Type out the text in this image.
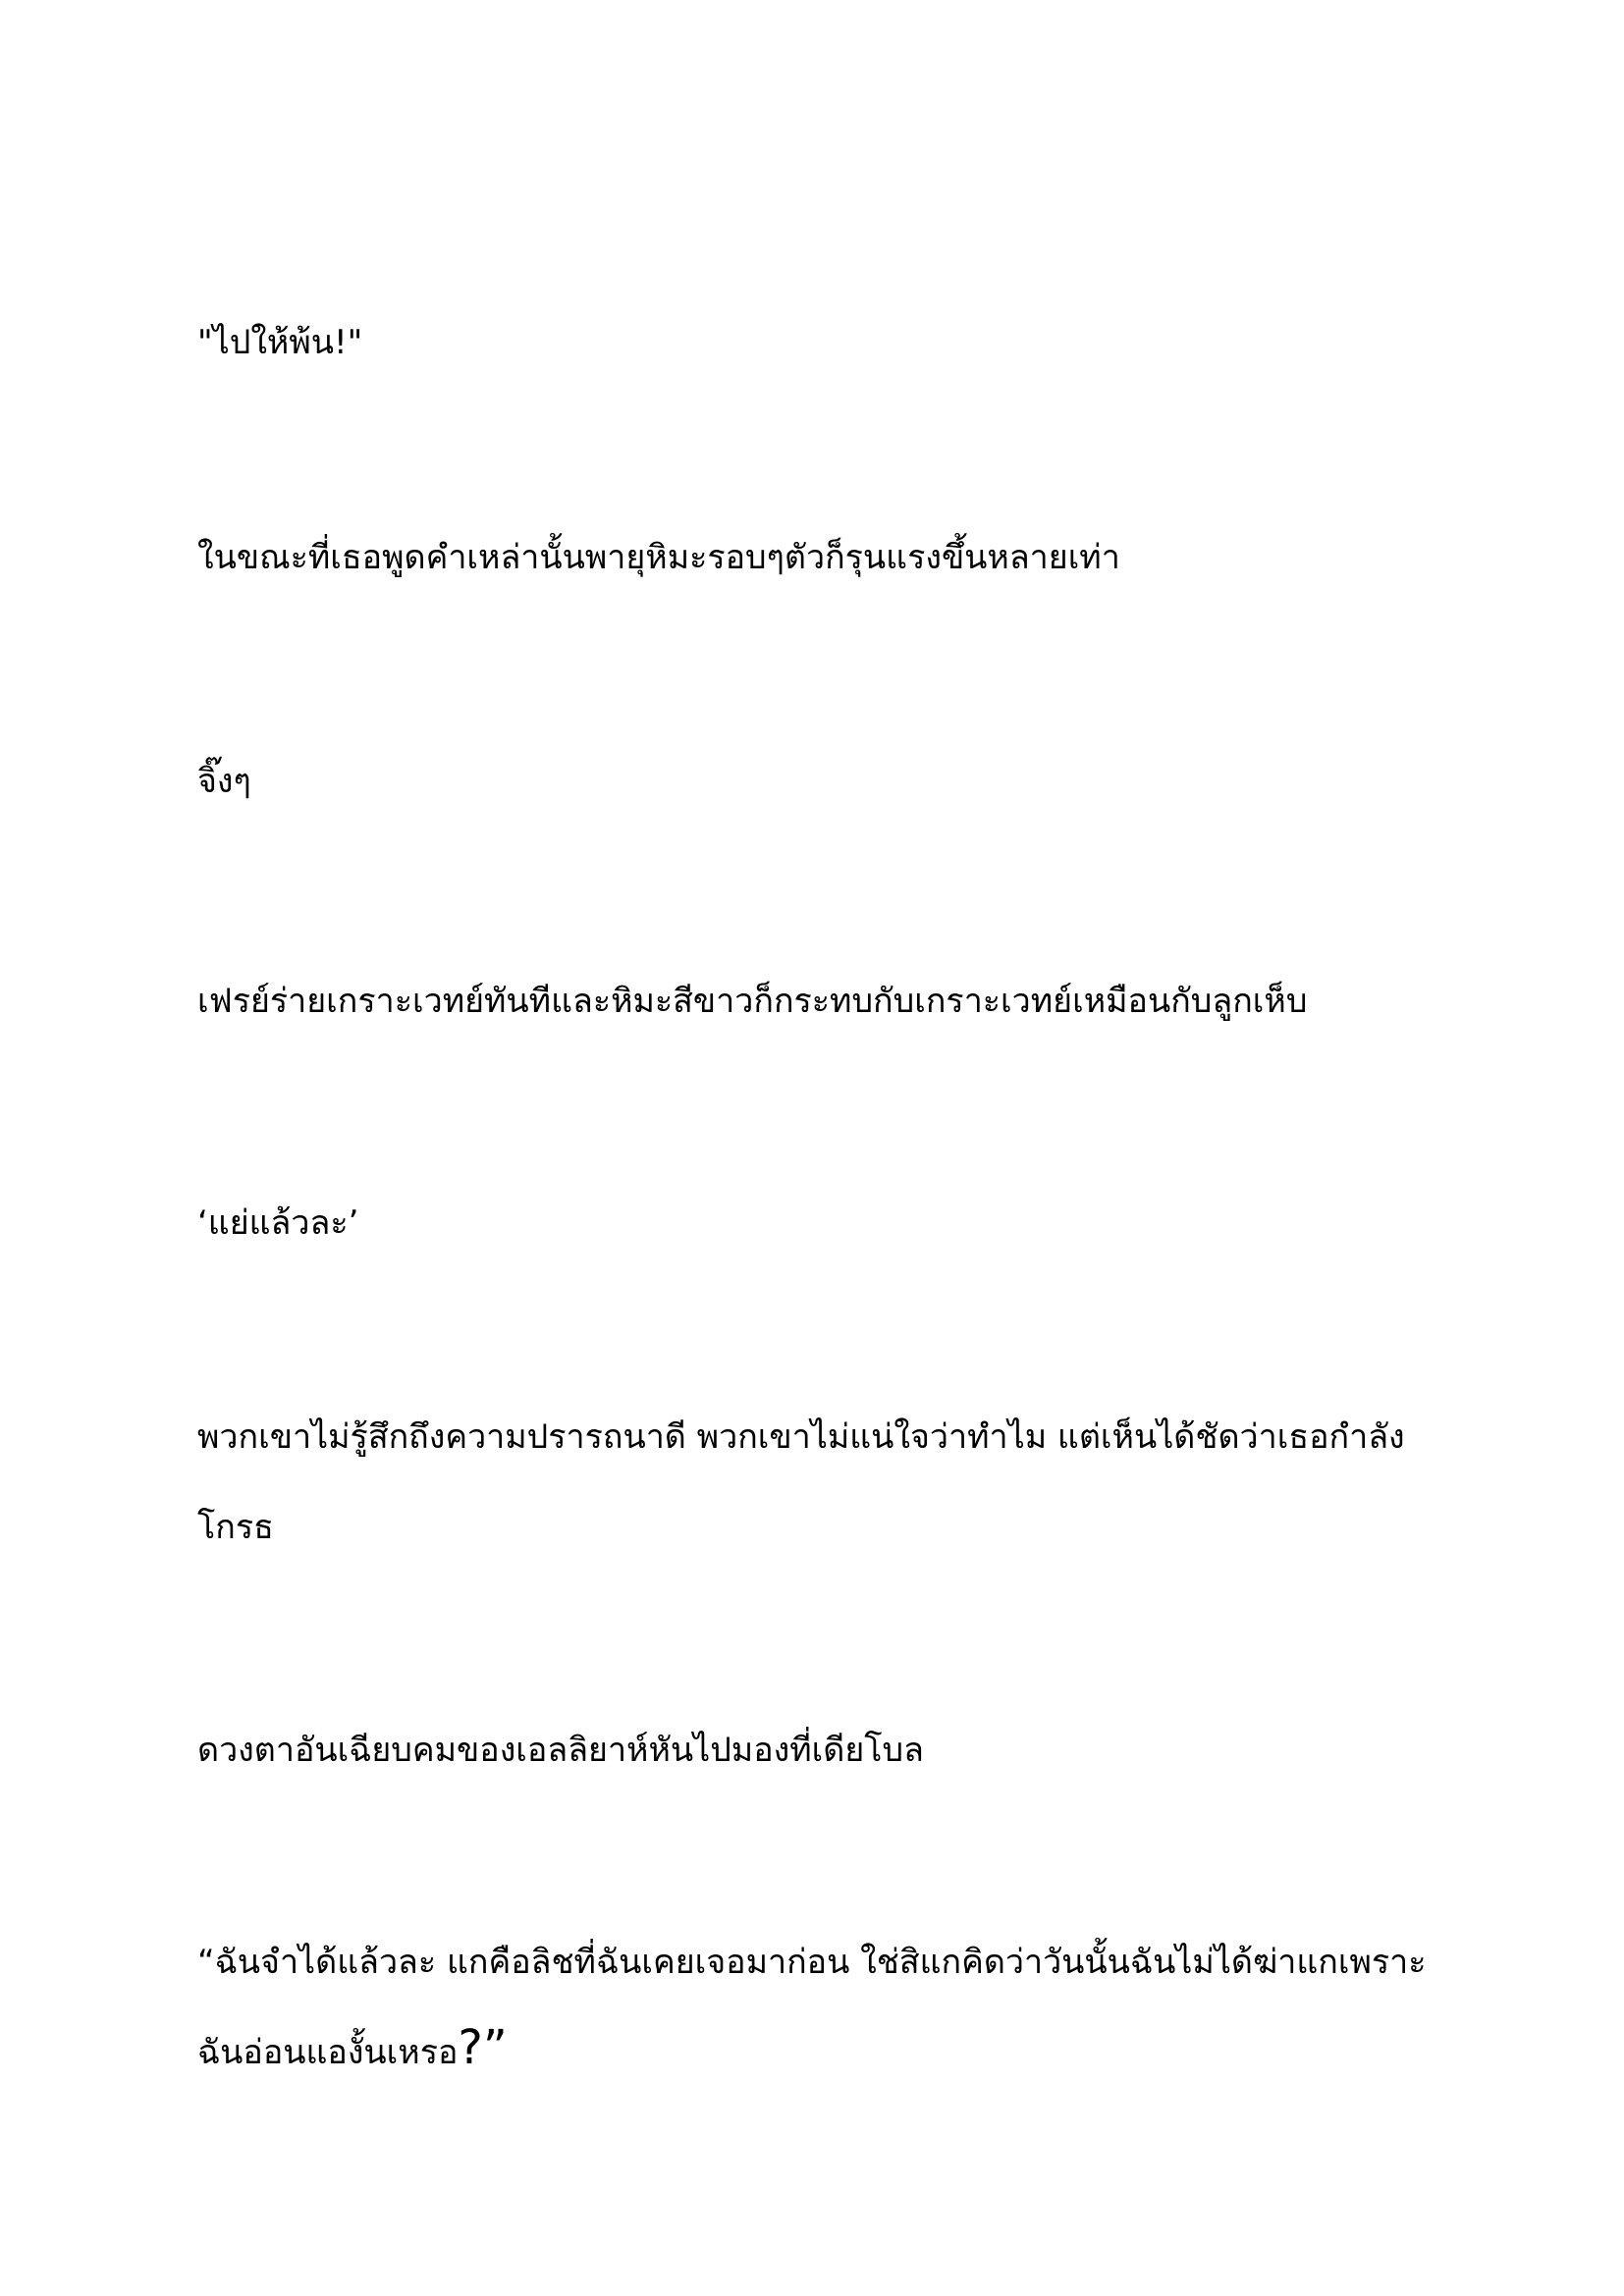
"ไปให้พ้น!"

ในขณะที่เธอพูดคำเหล่านั้นพายุหิมะรอบๆตัวก็รุนแรงขึ้นหลายเท่า

จิ๊งๆ

เฟรย์ร่ายเกราะเวทย์ทันทีและหิมะสีขาวก็กระทบกับเกราะเวทย์เหมือนกับลูกเห็บ

‘แย่แล้วละ’

พวกเขาไม่รู้สึกถึงความปรารถนาดี พวกเขาไม่แน่ใจว่าทำไม แต่เห็นได้ชัดว่าเธอกำลังโกรธ

ดวงตาอันเฉียบคมของเอลลิยาห์หันไปมองที่เดียโบล

“ฉันจำได้แล้วละ แกคือลิชที่ฉันเคยเจอมาก่อน ใช่สิแกคิดว่าวันนั้นฉันไม่ได้ฆ่าแกเพราะฉันอ่อนแองั้นเหรอ?”
